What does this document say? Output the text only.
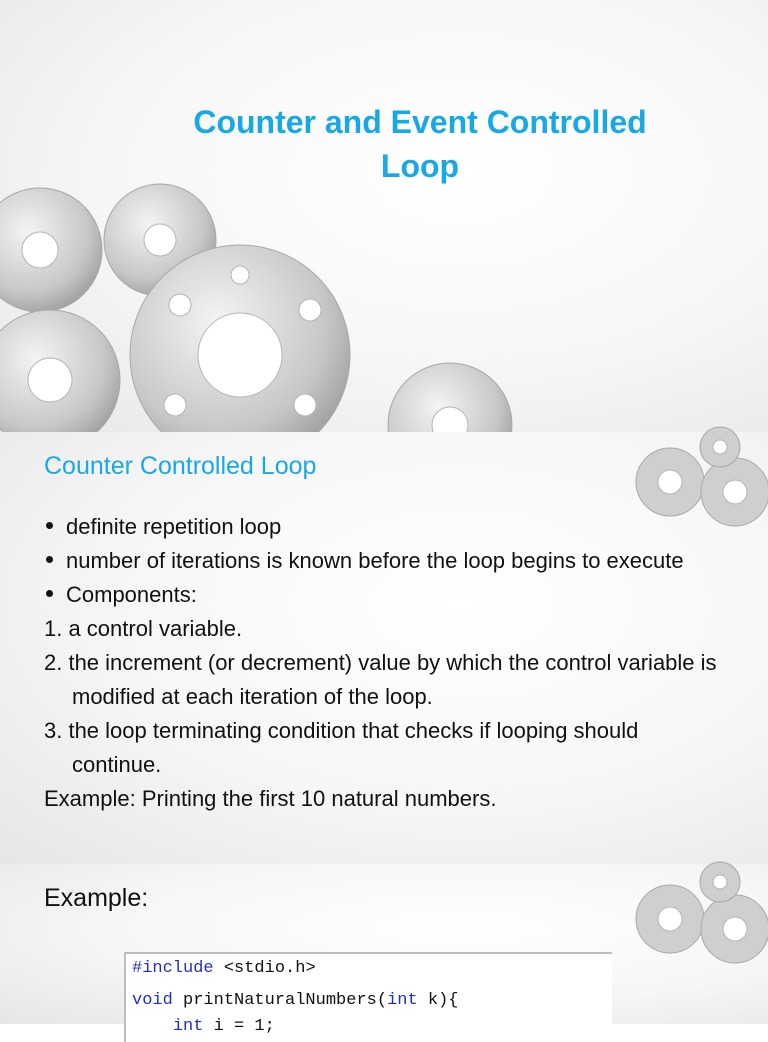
Counter and Event Controlled
Loop
Counter Controlled Loop
definite repetition loop
number of iterations is known before the loop begins to execute
Components:
1. a control variable.
2. the increment (or decrement) value by which the control variable is modified at each iteration of the loop.
3. the loop terminating condition that checks if looping should continue.
Example: Printing the first 10 natural numbers.
Example:
#include <stdio.h>
void printNaturalNumbers(int k){
int i = 1;
